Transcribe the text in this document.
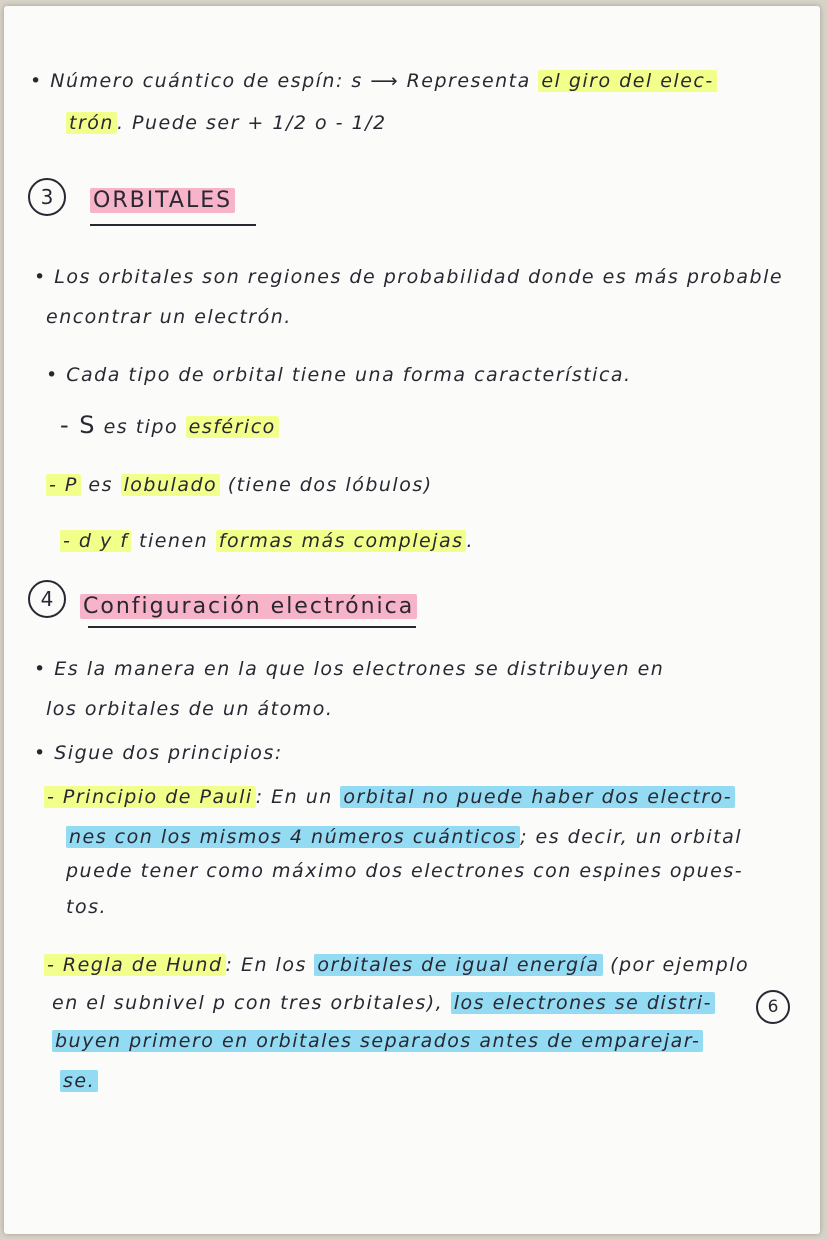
• Número cuántico de espín: s ⟶ Representa el giro del elec-
trón . Puede ser + 1/2 o - 1/2
3	ORBITALES
• Los orbitales son regiones de probabilidad donde es más probable
encontrar un electrón.
• Cada tipo de orbital tiene una forma característica.
- S es tipo esférico
- P es lobulado (tiene dos lóbulos)
- d y f tienen formas más complejas .
4	Configuración electrónica
• Es la manera en la que los electrones se distribuyen en
los orbitales de un átomo.
• Sigue dos principios:
- Principio de Pauli : En un orbital no puede haber dos electro-
nes con los mismos 4 números cuánticos ; es decir, un orbital
puede tener como máximo dos electrones con espines opues-
tos.
- Regla de Hund : En los orbitales de igual energía (por ejemplo
en el subnivel p con tres orbitales), los electrones se distri-
buyen primero en orbitales separados antes de emparejar-
se.
6
